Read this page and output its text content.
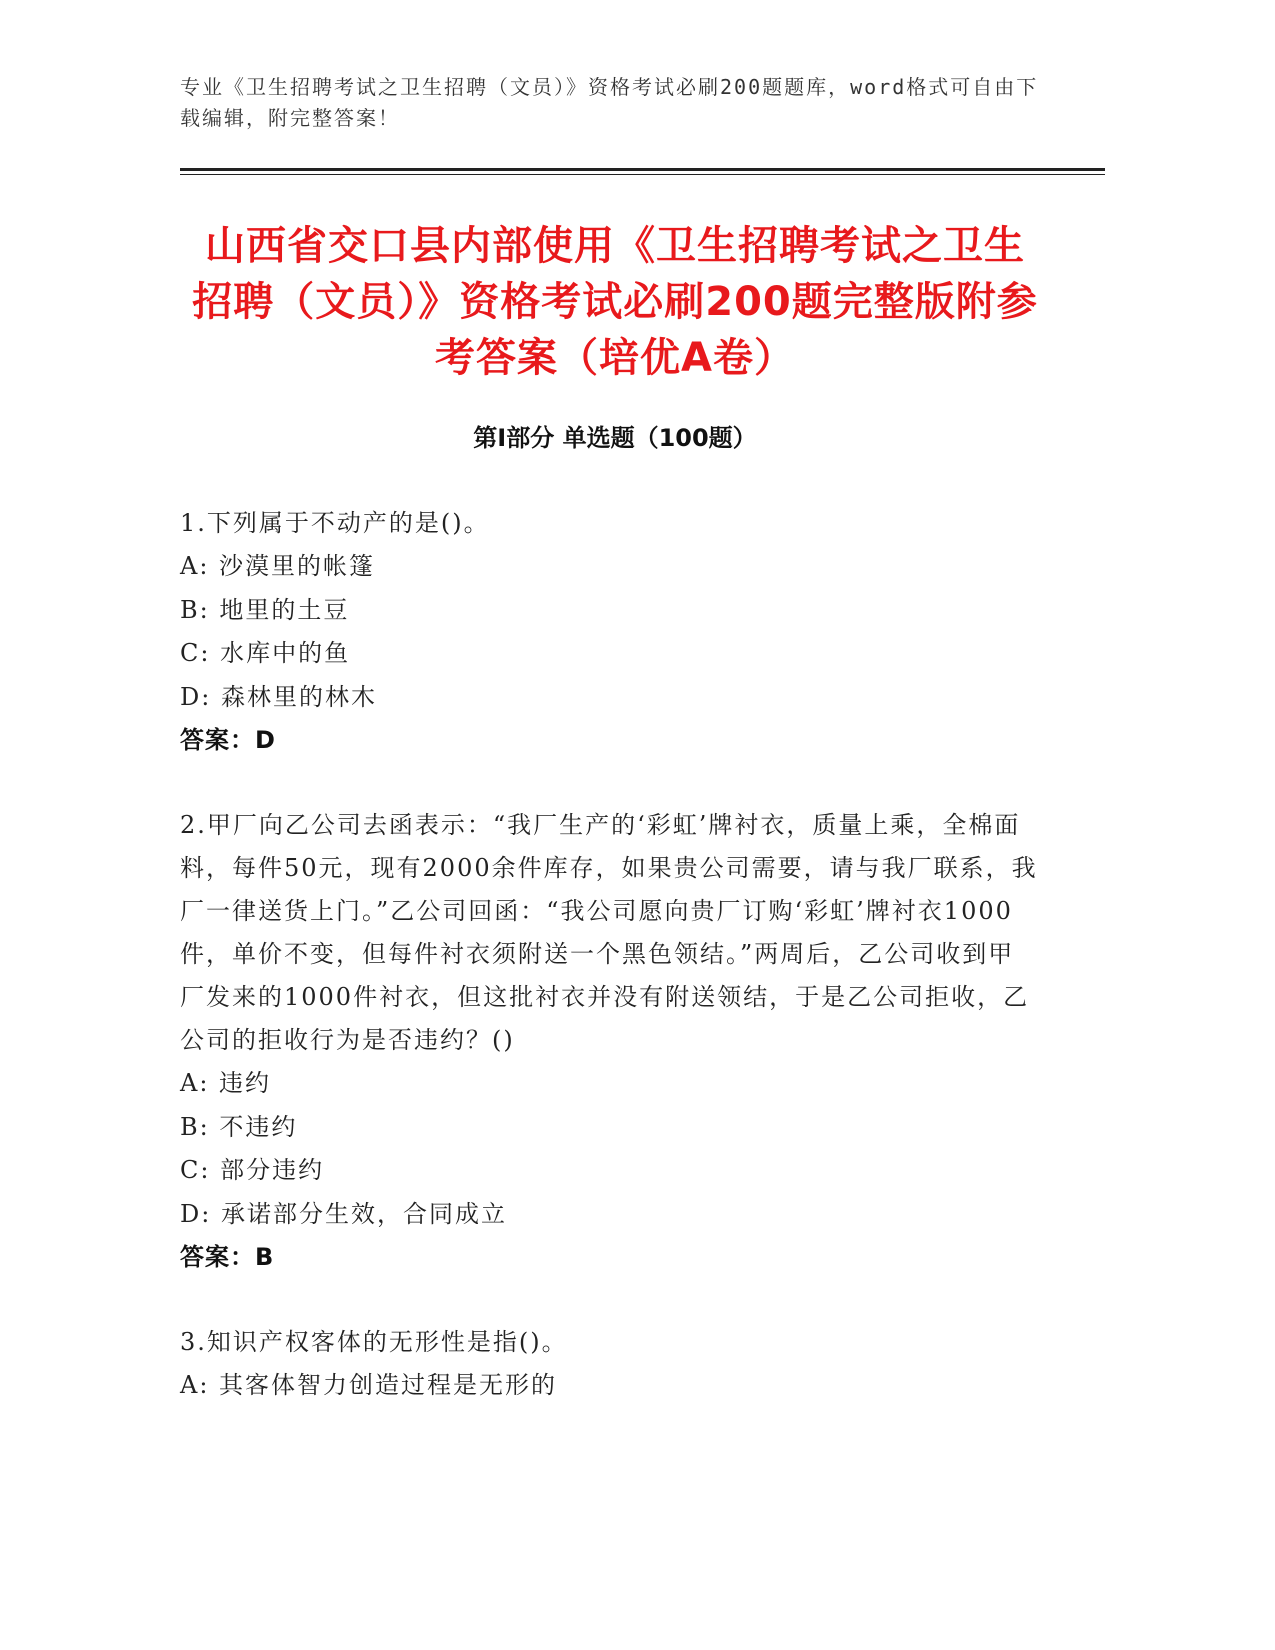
专业《卫生招聘考试之卫生招聘（文员）》资格考试必刷200题题库，word格式可自由下载编辑，附完整答案！
山西省交口县内部使用《卫生招聘考试之卫生招聘（文员）》资格考试必刷200题完整版附参考答案（培优A卷）
第I部分 单选题（100题）
1.下列属于不动产的是()。
A: 沙漠里的帐篷
B: 地里的土豆
C: 水库中的鱼
D: 森林里的林木
答案：D
2.甲厂向乙公司去函表示：“我厂生产的‘彩虹’牌衬衣，质量上乘，全棉面料，每件50元，现有2000余件库存，如果贵公司需要，请与我厂联系，我厂一律送货上门。”乙公司回函：“我公司愿向贵厂订购‘彩虹’牌衬衣1000件，单价不变，但每件衬衣须附送一个黑色领结。”两周后，乙公司收到甲厂发来的1000件衬衣，但这批衬衣并没有附送领结，于是乙公司拒收，乙公司的拒收行为是否违约？()
A: 违约
B: 不违约
C: 部分违约
D: 承诺部分生效，合同成立
答案：B
3.知识产权客体的无形性是指()。
A: 其客体智力创造过程是无形的
